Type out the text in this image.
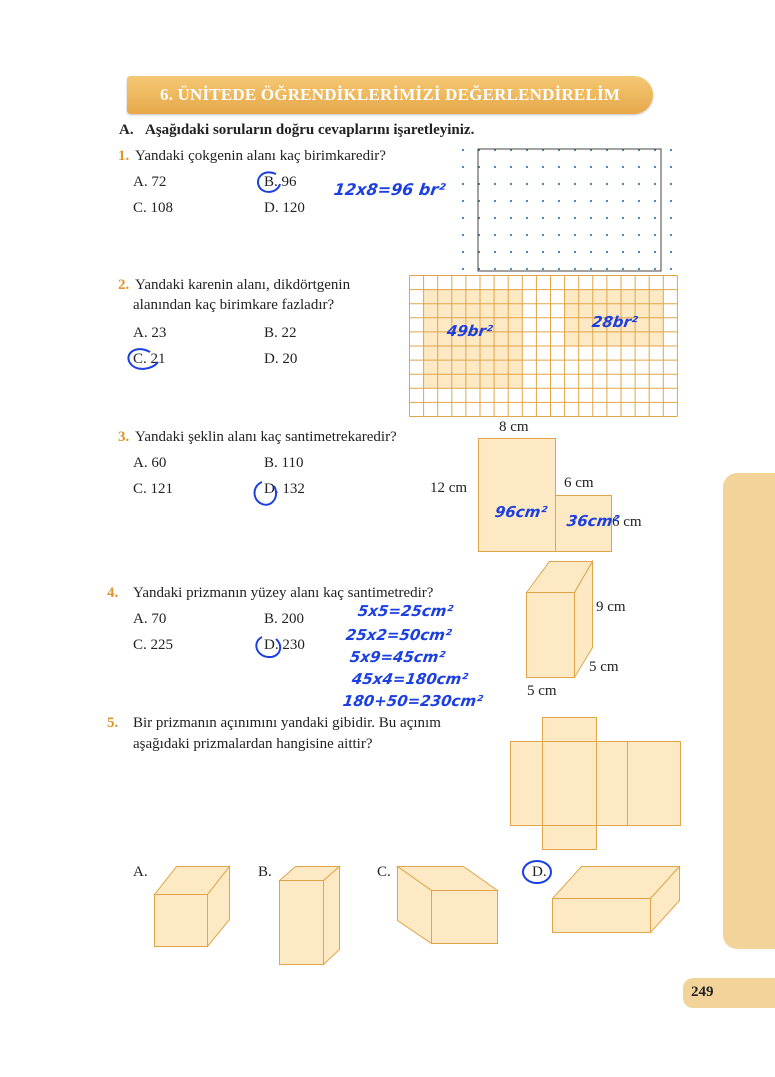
6. ÜNİTEDE ÖĞRENDİKLERİMİZİ DEĞERLENDİRELİM
A. Aşağıdaki soruların doğru cevaplarını işaretleyiniz.
1. Yandaki çokgenin alanı kaç birimkaredir?
A. 72	B. 96
C. 108	D. 120
12x8=96 br²
2. Yandaki karenin alanı, dikdörtgenin
alanından kaç birimkare fazladır?
A. 23	B. 22
C. 21	D. 20
49br²	28br²
3. Yandaki şeklin alanı kaç santimetrekaredir?
A. 60	B. 110
C. 121	D. 132
8 cm
12 cm	6 cm
6 cm
96cm² 36cm²
4. Yandaki prizmanın yüzey alanı kaç santimetredir?
A. 70	B. 200
C. 225	D. 230
5x5=25cm²
25x2=50cm²
5x9=45cm²
45x4=180cm²
180+50=230cm²
9 cm
5 cm
5 cm
5. Bir prizmanın açınımını yandaki gibidir. Bu açınım
aşağıdaki prizmalardan hangisine aittir?
A.	B.	C.	D.
249
